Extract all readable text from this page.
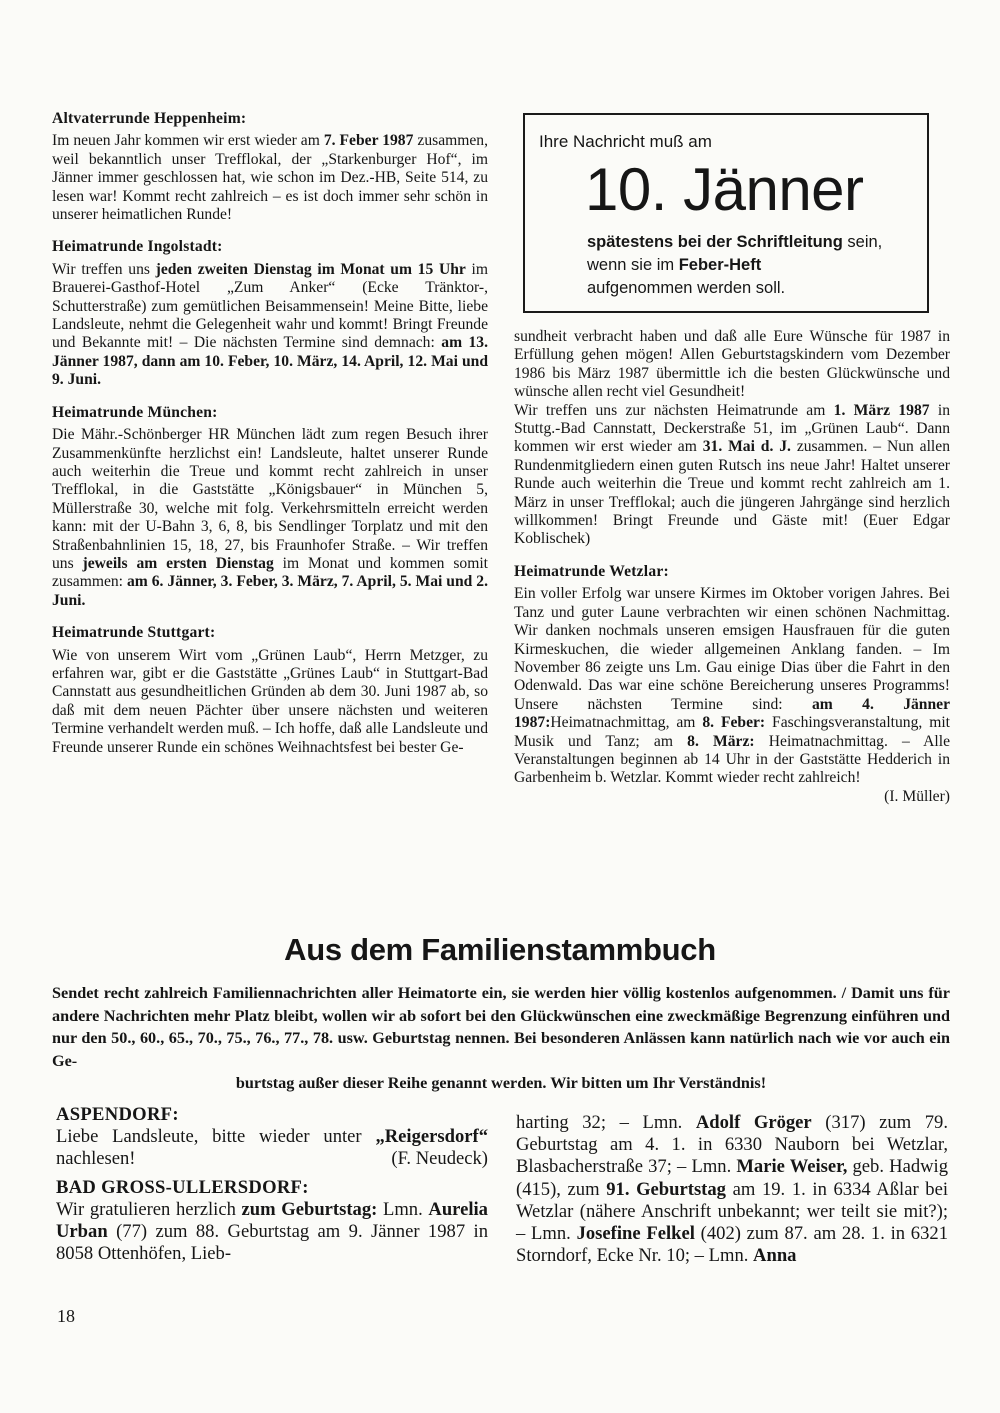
Altvaterrunde Heppenheim:

Im neuen Jahr kommen wir erst wieder am 7. Feber 1987 zusammen, weil bekanntlich unser Trefflokal, der „Starkenburger Hof“, im Jänner immer geschlossen hat, wie schon im Dez.-HB, Seite 514, zu lesen war! Kommt recht zahlreich – es ist doch immer sehr schön in unserer heimatlichen Runde!

Heimatrunde Ingolstadt:

Wir treffen uns jeden zweiten Dienstag im Monat um 15 Uhr im Brauerei-Gasthof-Hotel „Zum Anker“ (Ecke Tränktor-, Schutterstraße) zum gemütlichen Beisammensein! Meine Bitte, liebe Landsleute, nehmt die Gelegenheit wahr und kommt! Bringt Freunde und Bekannte mit! – Die nächsten Termine sind demnach: am 13. Jänner 1987, dann am 10. Feber, 10. März, 14. April, 12. Mai und 9. Juni.

Heimatrunde München:

Die Mähr.-Schönberger HR München lädt zum regen Besuch ihrer Zusammenkünfte herzlichst ein! Landsleute, haltet unserer Runde auch weiterhin die Treue und kommt recht zahlreich in unser Trefflokal, in die Gaststätte „Königsbauer“ in München 5, Müllerstraße 30, welche mit folg. Verkehrsmitteln erreicht werden kann: mit der U-Bahn 3, 6, 8, bis Sendlinger Torplatz und mit den Straßenbahnlinien 15, 18, 27, bis Fraunhofer Straße. – Wir treffen uns jeweils am ersten Dienstag im Monat und kommen somit zusammen: am 6. Jänner, 3. Feber, 3. März, 7. April, 5. Mai und 2. Juni.

Heimatrunde Stuttgart:

Wie von unserem Wirt vom „Grünen Laub“, Herrn Metzger, zu erfahren war, gibt er die Gaststätte „Grünes Laub“ in Stuttgart-Bad Cannstatt aus gesundheitlichen Gründen ab dem 30. Juni 1987 ab, so daß mit dem neuen Pächter über unsere nächsten und weiteren Termine verhandelt werden muß. – Ich hoffe, daß alle Landsleute und Freunde unserer Runde ein schönes Weihnachtsfest bei bester Ge-

Ihre Nachricht muß am
10. Jänner
spätestens bei der Schriftleitung sein,
wenn sie im Feber-Heft
aufgenommen werden soll.

sundheit verbracht haben und daß alle Eure Wünsche für 1987 in Erfüllung gehen mögen! Allen Geburtstagskindern vom Dezember 1986 bis März 1987 übermittle ich die besten Glückwünsche und wünsche allen recht viel Gesundheit!

Wir treffen uns zur nächsten Heimatrunde am 1. März 1987 in Stuttg.-Bad Cannstatt, Deckerstraße 51, im „Grünen Laub“. Dann kommen wir erst wieder am 31. Mai d. J. zusammen. – Nun allen Rundenmitgliedern einen guten Rutsch ins neue Jahr! Haltet unserer Runde auch weiterhin die Treue und kommt recht zahlreich am 1. März in unser Trefflokal; auch die jüngeren Jahrgänge sind herzlich willkommen! Bringt Freunde und Gäste mit! (Euer Edgar Koblischek)

Heimatrunde Wetzlar:

Ein voller Erfolg war unsere Kirmes im Oktober vorigen Jahres. Bei Tanz und guter Laune verbrachten wir einen schönen Nachmittag. Wir danken nochmals unseren emsigen Hausfrauen für die guten Kirmeskuchen, die wieder allgemeinen Anklang fanden. – Im November 86 zeigte uns Lm. Gau einige Dias über die Fahrt in den Odenwald. Das war eine schöne Bereicherung unseres Programms! Unsere nächsten Termine sind: am 4. Jänner 1987:Heimatnachmittag, am 8. Feber: Faschingsveranstaltung, mit Musik und Tanz; am 8. März: Heimatnachmittag. – Alle Veranstaltungen beginnen ab 14 Uhr in der Gaststätte Hedderich in Garbenheim b. Wetzlar. Kommt wieder recht zahlreich!

(I. Müller)

Aus dem Familienstammbuch
Sendet recht zahlreich Familiennachrichten aller Heimatorte ein, sie werden hier völlig kostenlos aufgenommen. / Damit uns für andere Nachrichten mehr Platz bleibt, wollen wir ab sofort bei den Glückwünschen eine zweckmäßige Begrenzung einführen und nur den 50., 60., 65., 70., 75., 76., 77., 78. usw. Geburtstag nennen. Bei besonderen Anlässen kann natürlich nach wie vor auch ein Ge-
burtstag außer dieser Reihe genannt werden. Wir bitten um Ihr Verständnis!
ASPENDORF:

Liebe Landsleute, bitte wieder unter „Reigersdorf“ nachlesen!	(F. Neudeck)

BAD GROSS-ULLERSDORF:

Wir gratulieren herzlich zum Geburtstag: Lmn. Aurelia Urban (77) zum 88. Geburtstag am 9. Jänner 1987 in 8058 Ottenhöfen, Lieb-

harting 32; – Lmn. Adolf Gröger (317) zum 79. Geburtstag am 4. 1. in 6330 Nauborn bei Wetzlar, Blasbacherstraße 37; – Lmn. Marie Weiser, geb. Hadwig (415), zum 91. Geburtstag am 19. 1. in 6334 Aßlar bei Wetzlar (nähere Anschrift unbekannt; wer teilt sie mit?); – Lmn. Josefine Felkel (402) zum 87. am 28. 1. in 6321 Storndorf, Ecke Nr. 10; – Lmn. Anna

18
